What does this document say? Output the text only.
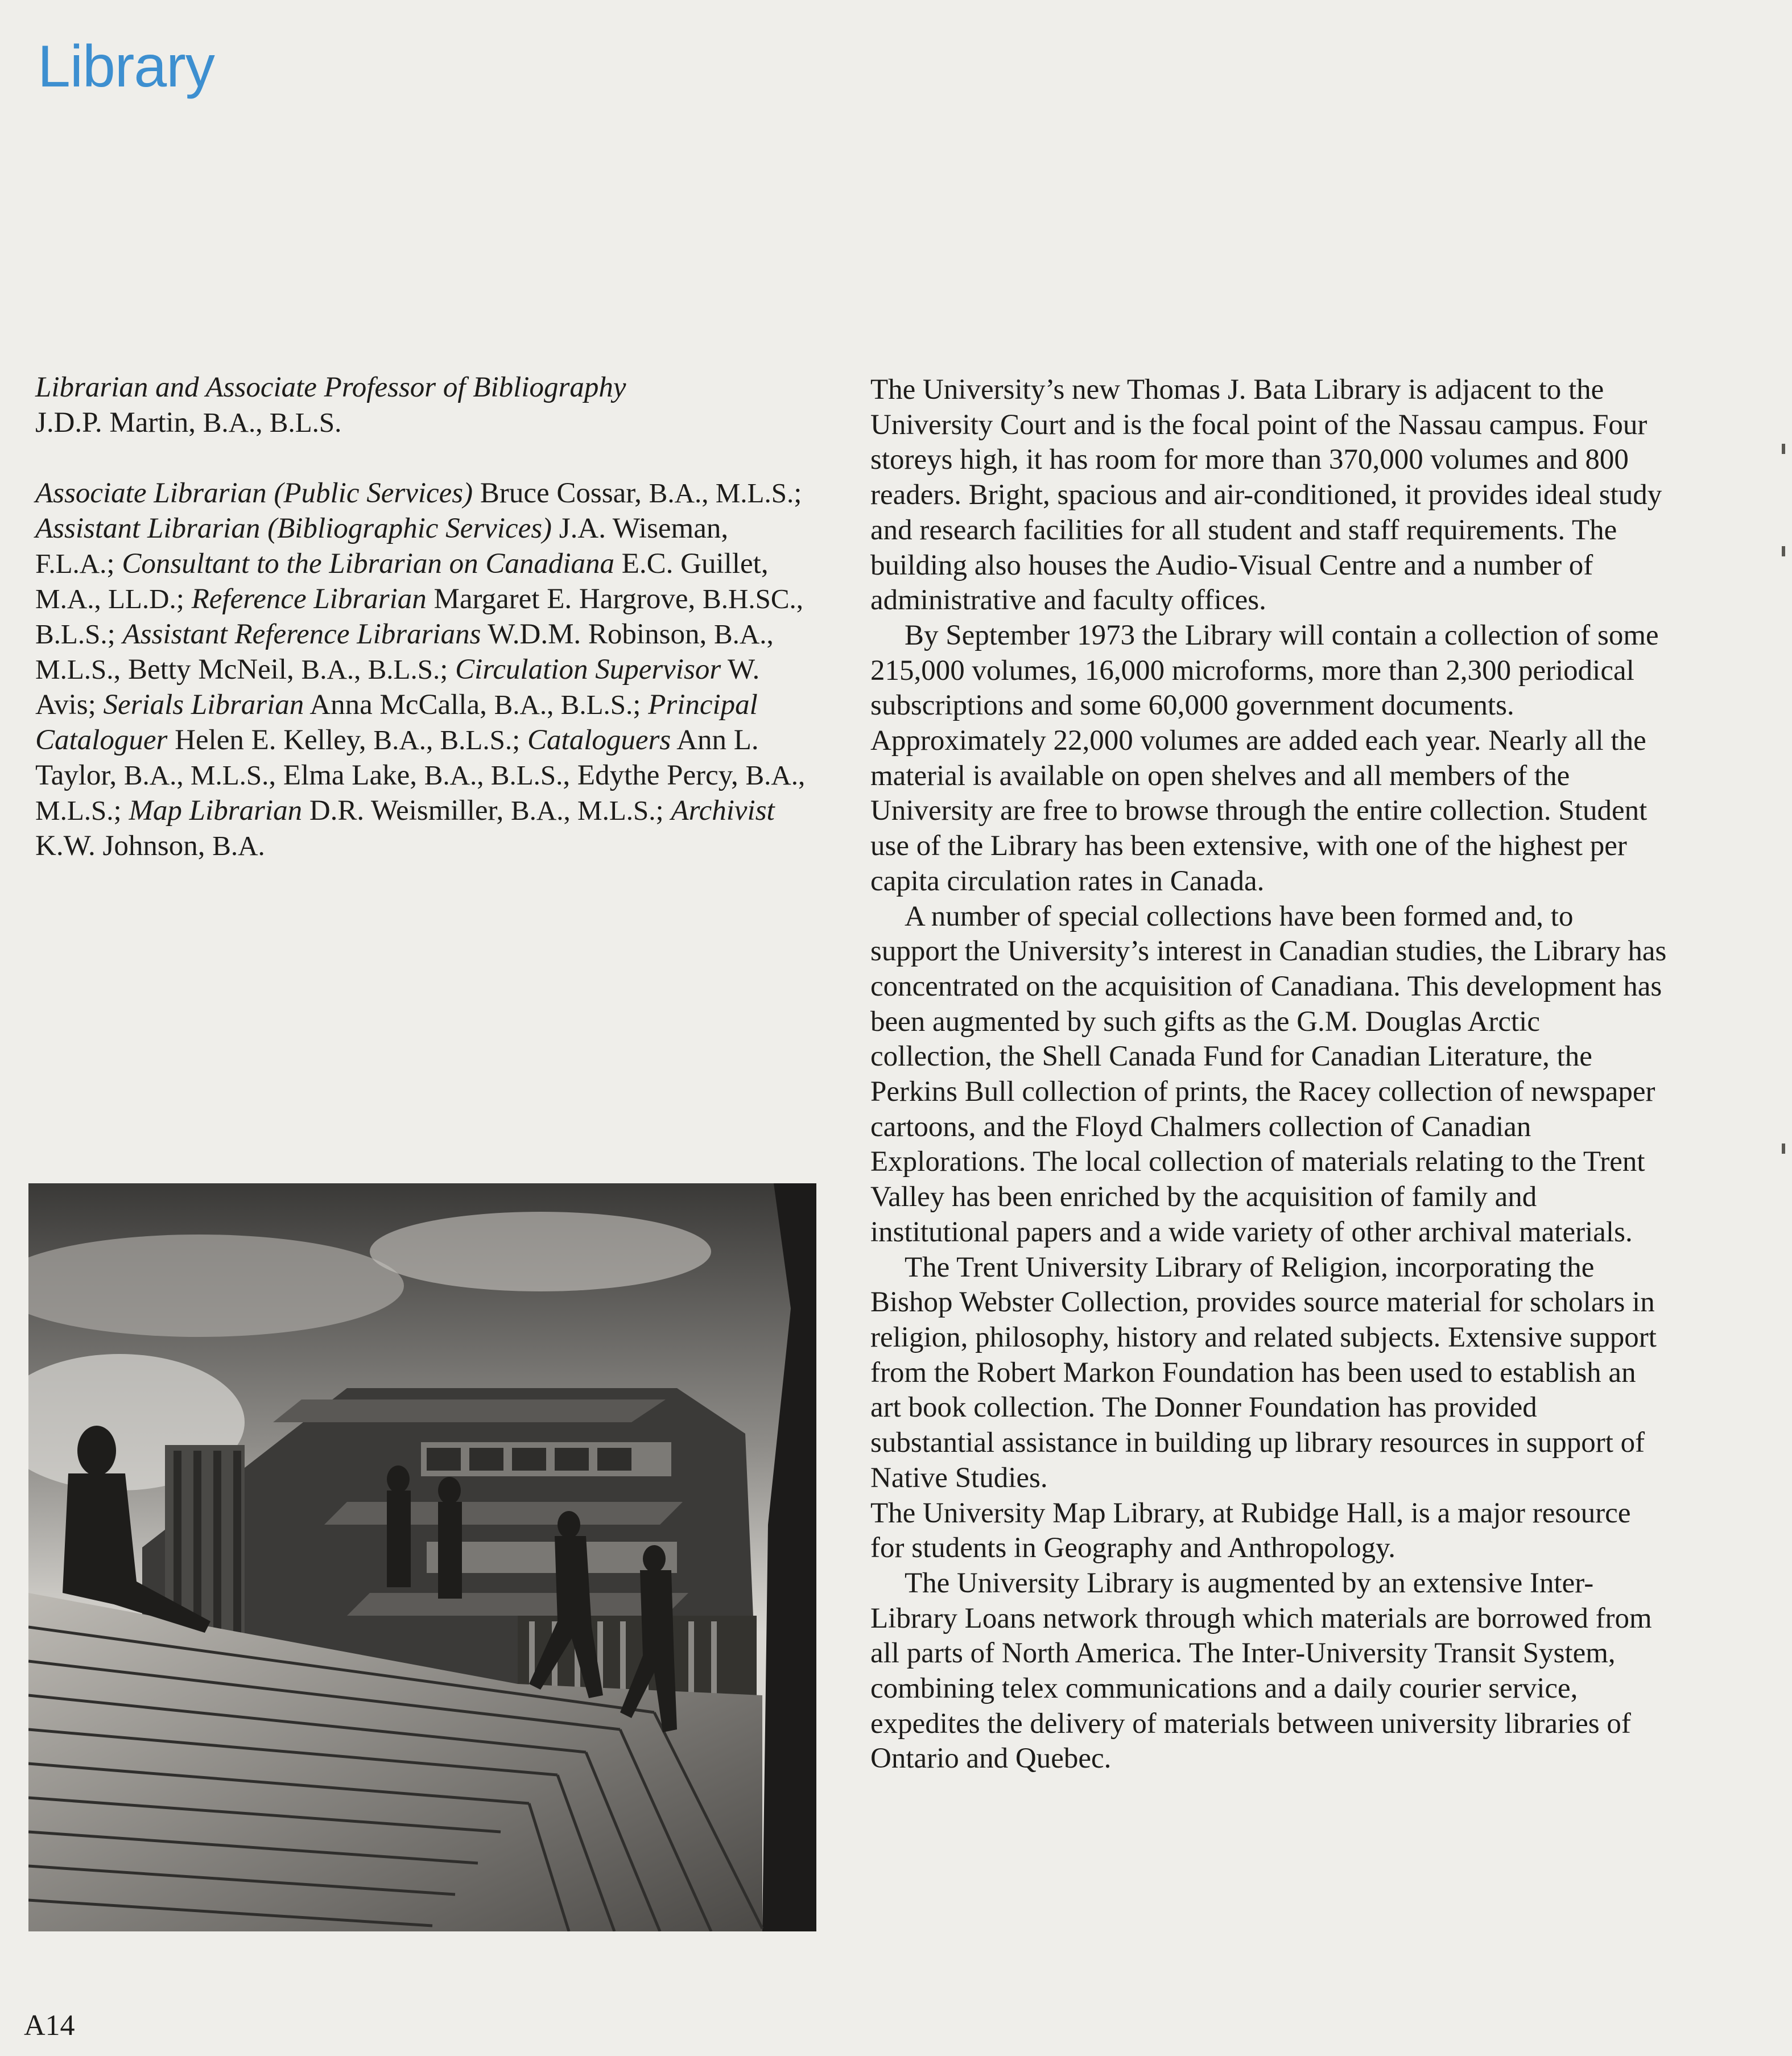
Library

Librarian and Associate Professor of Bibliography
J.D.P. Martin, B.A., B.L.S.

Associate Librarian (Public Services) Bruce Cossar, B.A., M.L.S.; Assistant Librarian (Bibliographic Services) J.A. Wiseman, F.L.A.; Consultant to the Librarian on Canadiana E.C. Guillet, M.A., LL.D.; Reference Librarian Margaret E. Hargrove, B.H.SC., B.L.S.; Assistant Reference Librarians W.D.M. Robinson, B.A., M.L.S., Betty McNeil, B.A., B.L.S.; Circulation Supervisor W. Avis; Serials Librarian Anna McCalla, B.A., B.L.S.; Principal Cataloguer Helen E. Kelley, B.A., B.L.S.; Cataloguers Ann L. Taylor, B.A., M.L.S., Elma Lake, B.A., B.L.S., Edythe Percy, B.A., M.L.S.; Map Librarian D.R. Weismiller, B.A., M.L.S.; Archivist K.W. Johnson, B.A.

The University’s new Thomas J. Bata Library is adjacent to the University Court and is the focal point of the Nassau campus. Four storeys high, it has room for more than 370,000 volumes and 800 readers. Bright, spacious and air-conditioned, it provides ideal study and research facilities for all student and staff requirements. The building also houses the Audio-Visual Centre and a number of administrative and faculty offices.

By September 1973 the Library will contain a collection of some 215,000 volumes, 16,000 microforms, more than 2,300 periodical subscriptions and some 60,000 government documents. Approximately 22,000 volumes are added each year. Nearly all the material is available on open shelves and all members of the University are free to browse through the entire collection. Student use of the Library has been extensive, with one of the highest per capita circulation rates in Canada.

A number of special collections have been formed and, to support the University’s interest in Canadian studies, the Library has concentrated on the acquisition of Canadiana. This development has been augmented by such gifts as the G.M. Douglas Arctic collection, the Shell Canada Fund for Canadian Literature, the Perkins Bull collection of prints, the Racey collection of newspaper cartoons, and the Floyd Chalmers collection of Canadian Explorations. The local collection of materials relating to the Trent Valley has been enriched by the acquisition of family and institutional papers and a wide variety of other archival materials.

The Trent University Library of Religion, incorporating the Bishop Webster Collection, provides source material for scholars in religion, philosophy, history and related subjects. Extensive support from the Robert Markon Foundation has been used to establish an art book collection. The Donner Foundation has provided substantial assistance in building up library resources in support of Native Studies.

The University Map Library, at Rubidge Hall, is a major resource for students in Geography and Anthropology.

The University Library is augmented by an extensive Inter-Library Loans network through which materials are borrowed from all parts of North America. The Inter-University Transit System, combining telex communications and a daily courier service, expedites the delivery of materials between university libraries of Ontario and Quebec.

A14
